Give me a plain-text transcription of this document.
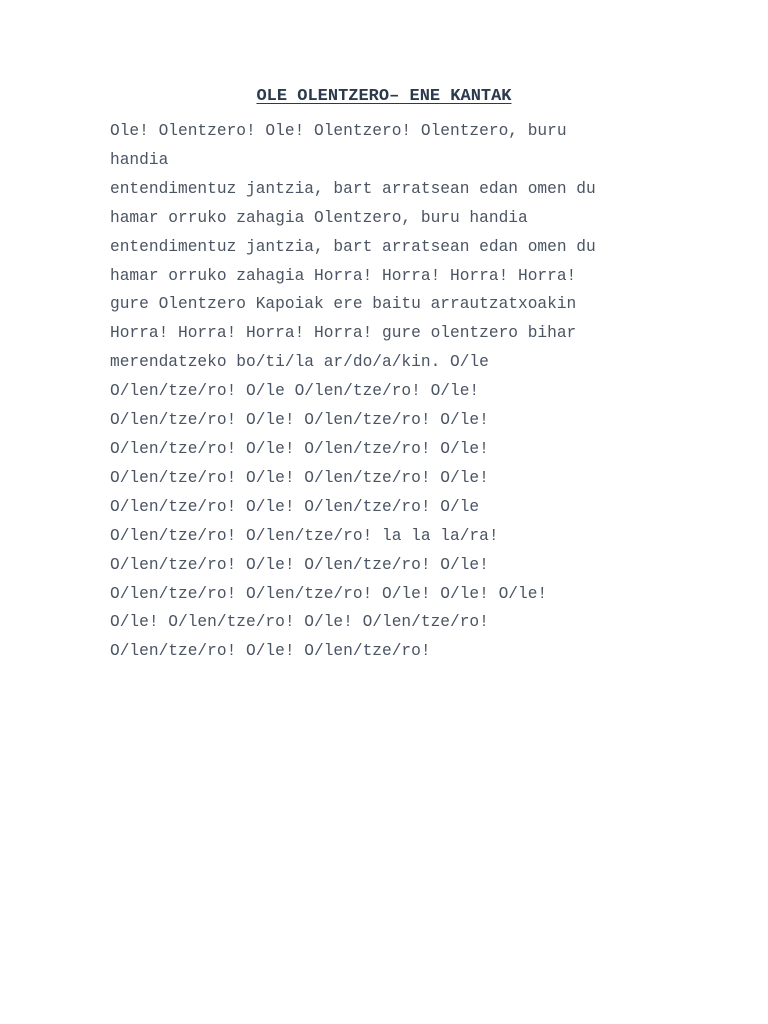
OLE OLENTZERO– ENE KANTAK
Ole! Olentzero! Ole! Olentzero! Olentzero, buru
handia
entendimentuz jantzia, bart arratsean edan omen du
hamar orruko zahagia Olentzero, buru handia
entendimentuz jantzia, bart arratsean edan omen du
hamar orruko zahagia Horra! Horra! Horra! Horra!
gure Olentzero Kapoiak ere baitu arrautzatxoakin
Horra! Horra! Horra! Horra! gure olentzero bihar
merendatzeko bo/ti/la ar/do/a/kin. O/le
O/len/tze/ro! O/le O/len/tze/ro! O/le!
O/len/tze/ro! O/le! O/len/tze/ro! O/le!
O/len/tze/ro! O/le! O/len/tze/ro! O/le!
O/len/tze/ro! O/le! O/len/tze/ro! O/le!
O/len/tze/ro! O/le! O/len/tze/ro! O/le
O/len/tze/ro! O/len/tze/ro! la la la/ra!
O/len/tze/ro! O/le! O/len/tze/ro! O/le!
O/len/tze/ro! O/len/tze/ro! O/le! O/le! O/le!
O/le! O/len/tze/ro! O/le! O/len/tze/ro!
O/len/tze/ro! O/le! O/len/tze/ro!
